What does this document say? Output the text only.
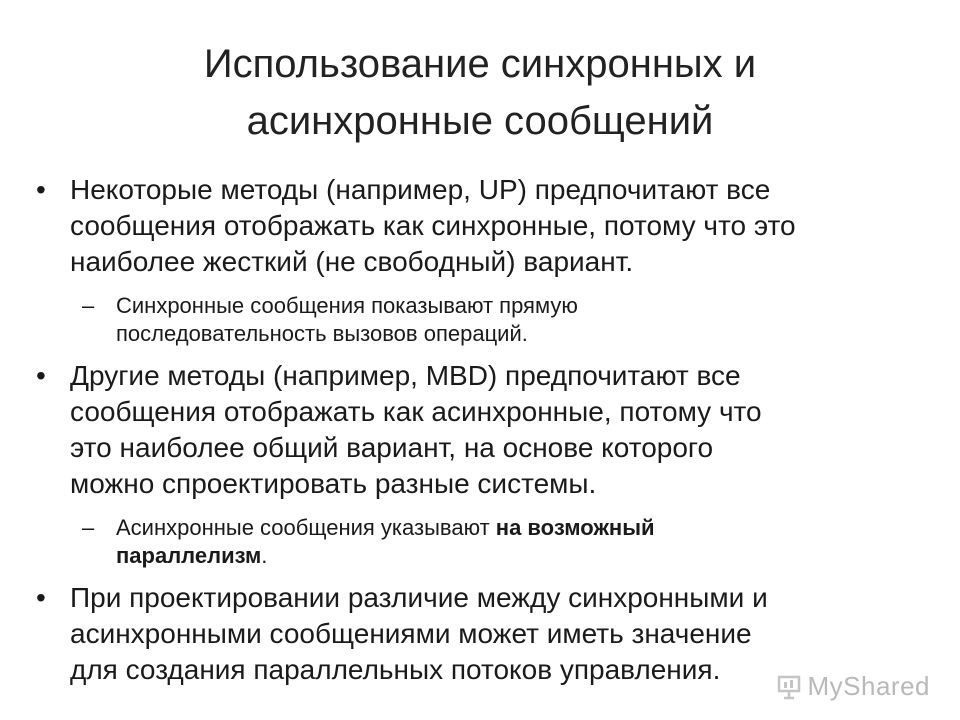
Использование синхронных и
асинхронные сообщений
• Некоторые методы (например, UP) предпочитают все
сообщения отображать как синхронные, потому что это
наиболее жесткий (не свободный) вариант.
– Синхронные сообщения показывают прямую
последовательность вызовов операций.
• Другие методы (например, MBD) предпочитают все
сообщения отображать как асинхронные, потому что
это наиболее общий вариант, на основе которого
можно спроектировать разные системы.
– Асинхронные сообщения указывают на возможный
параллелизм.
• При проектировании различие между синхронными и
асинхронными сообщениями может иметь значение
для создания параллельных потоков управления.
MyShared
